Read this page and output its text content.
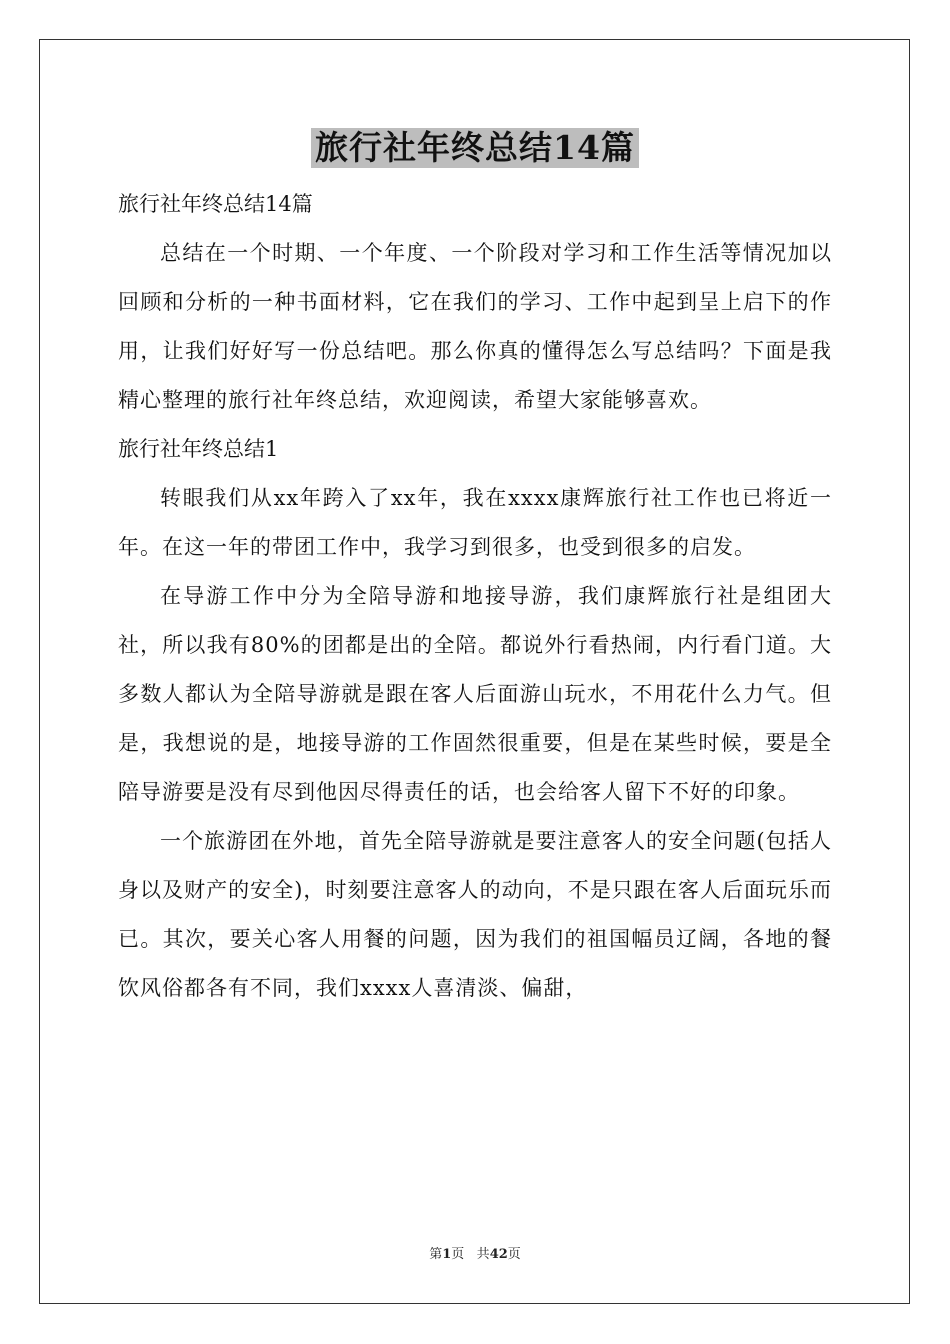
旅行社年终总结14篇

旅行社年终总结14篇

总结在一个时期、一个年度、一个阶段对学习和工作生活等情况加以回顾和分析的一种书面材料，它在我们的学习、工作中起到呈上启下的作用，让我们好好写一份总结吧。那么你真的懂得怎么写总结吗？下面是我精心整理的旅行社年终总结，欢迎阅读，希望大家能够喜欢。

旅行社年终总结1

转眼我们从xx年跨入了xx年，我在xxxx康辉旅行社工作也已将近一年。在这一年的带团工作中，我学习到很多，也受到很多的启发。

在导游工作中分为全陪导游和地接导游，我们康辉旅行社是组团大社，所以我有80%的团都是出的全陪。都说外行看热闹，内行看门道。大多数人都认为全陪导游就是跟在客人后面游山玩水，不用花什么力气。但是，我想说的是，地接导游的工作固然很重要，但是在某些时候，要是全陪导游要是没有尽到他因尽得责任的话，也会给客人留下不好的印象。

一个旅游团在外地，首先全陪导游就是要注意客人的安全问题(包括人身以及财产的安全)，时刻要注意客人的动向，不是只跟在客人后面玩乐而已。其次，要关心客人用餐的问题，因为我们的祖国幅员辽阔，各地的餐饮风俗都各有不同，我们xxxx人喜清淡、偏甜，

第1页 共42页
